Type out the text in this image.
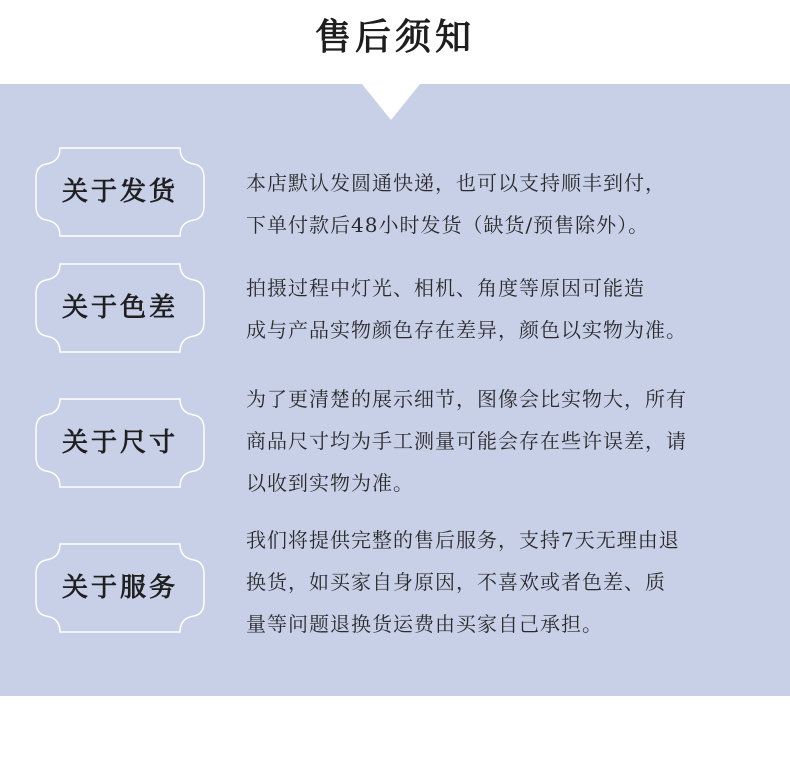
售后须知
关于发货	本店默认发圆通快递，也可以支持顺丰到付，
下单付款后48小时发货（缺货/预售除外）。
关于色差
拍摄过程中灯光、相机、角度等原因可能造
成与产品实物颜色存在差异，颜色以实物为准。
关于尺寸
为了更清楚的展示细节，图像会比实物大，所有
商品尺寸均为手工测量可能会存在些许误差，请
以收到实物为准。
关于服务
我们将提供完整的售后服务，支持7天无理由退
换货，如买家自身原因，不喜欢或者色差、质
量等问题退换货运费由买家自己承担。
